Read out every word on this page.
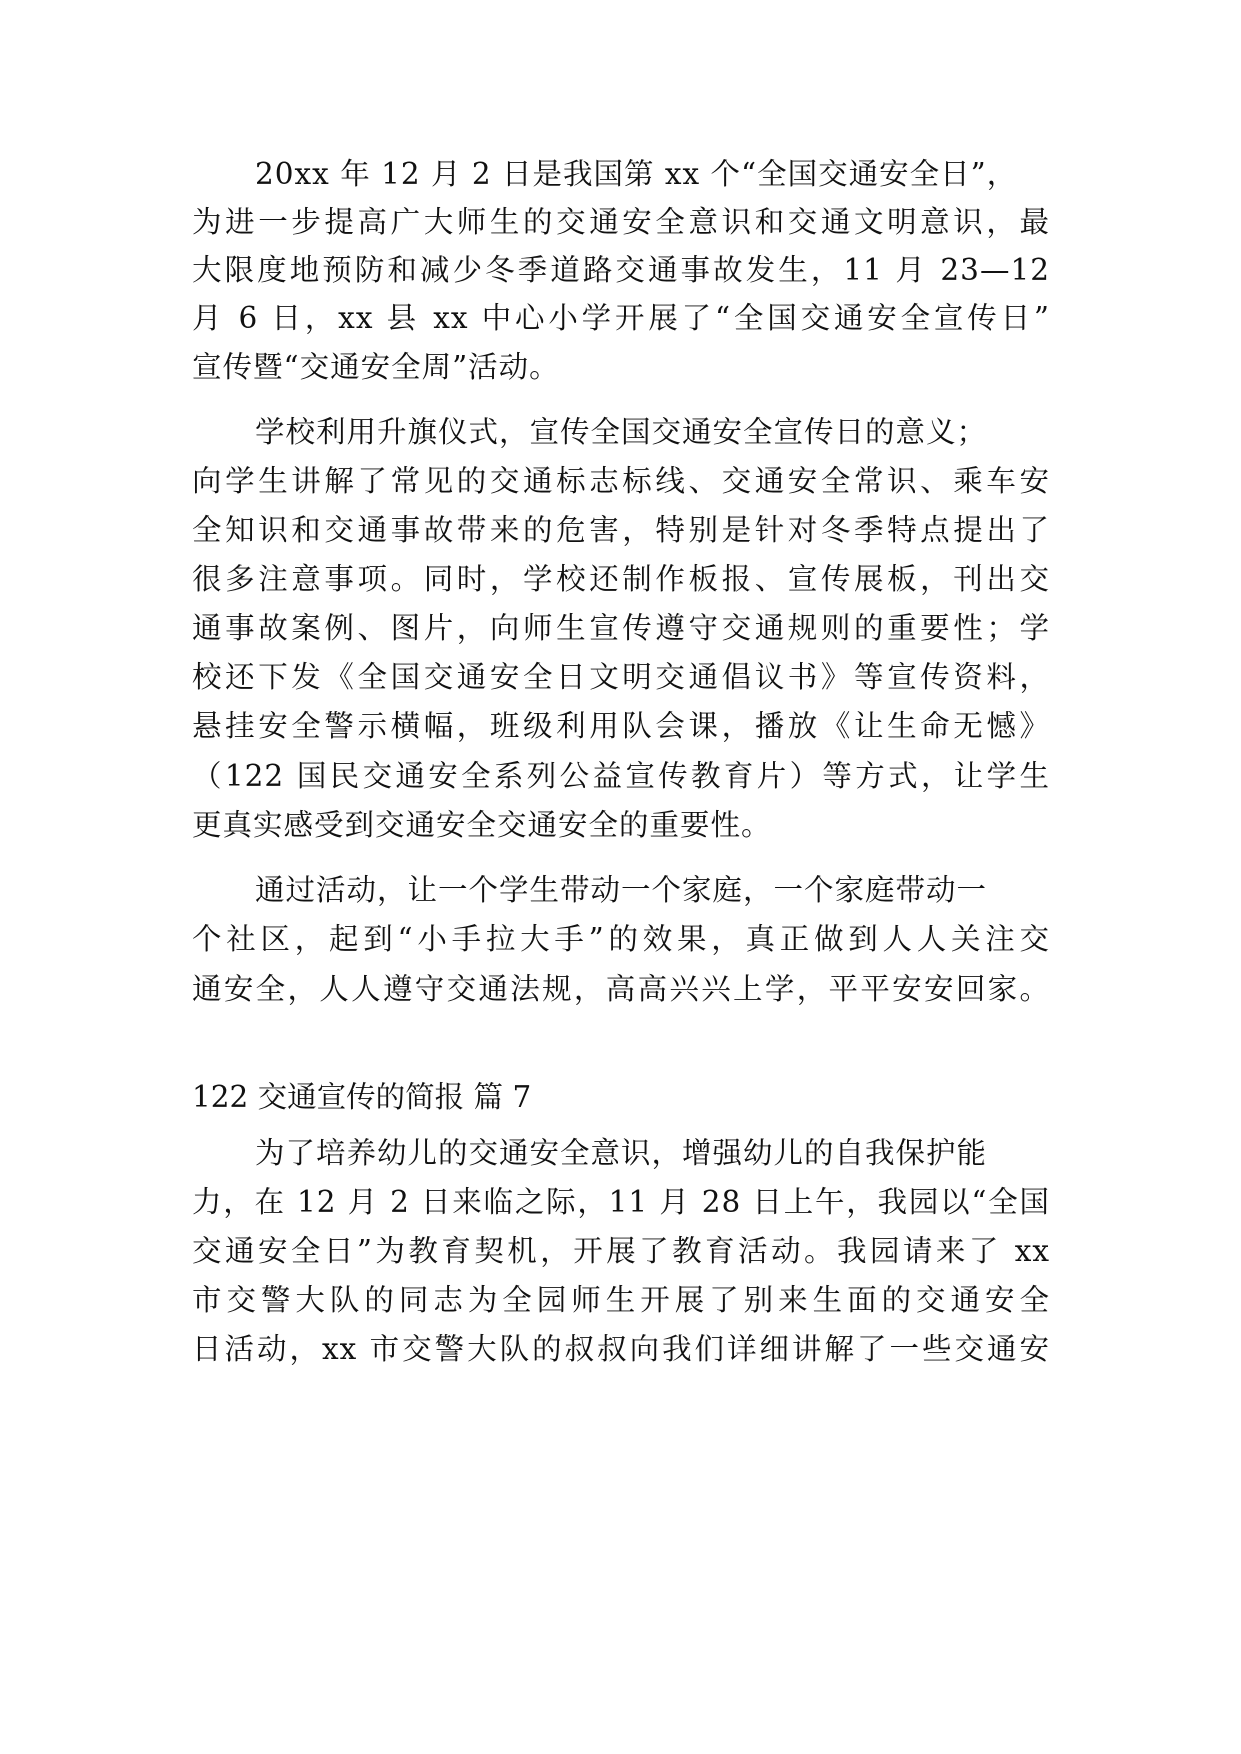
20xx 年 12 月 2 日是我国第 xx 个“全国交通安全日”，
为进一步提高广大师生的交通安全意识和交通文明意识，最
大限度地预防和减少冬季道路交通事故发生，11 月 23—12
月 6 日，xx 县 xx 中心小学开展了“全国交通安全宣传日”
宣传暨“交通安全周”活动。
学校利用升旗仪式，宣传全国交通安全宣传日的意义；
向学生讲解了常见的交通标志标线、交通安全常识、乘车安
全知识和交通事故带来的危害，特别是针对冬季特点提出了
很多注意事项。同时，学校还制作板报、宣传展板，刊出交
通事故案例、图片，向师生宣传遵守交通规则的重要性；学
校还下发《全国交通安全日文明交通倡议书》等宣传资料，
悬挂安全警示横幅，班级利用队会课，播放《让生命无憾》
（122 国民交通安全系列公益宣传教育片）等方式，让学生
更真实感受到交通安全交通安全的重要性。
通过活动，让一个学生带动一个家庭，一个家庭带动一
个社区，起到“小手拉大手”的效果，真正做到人人关注交
通安全，人人遵守交通法规，高高兴兴上学，平平安安回家。
122 交通宣传的简报 篇 7
为了培养幼儿的交通安全意识，增强幼儿的自我保护能
力，在 12 月 2 日来临之际，11 月 28 日上午，我园以“全国
交通安全日”为教育契机，开展了教育活动。我园请来了 xx
市交警大队的同志为全园师生开展了别来生面的交通安全
日活动，xx 市交警大队的叔叔向我们详细讲解了一些交通安
